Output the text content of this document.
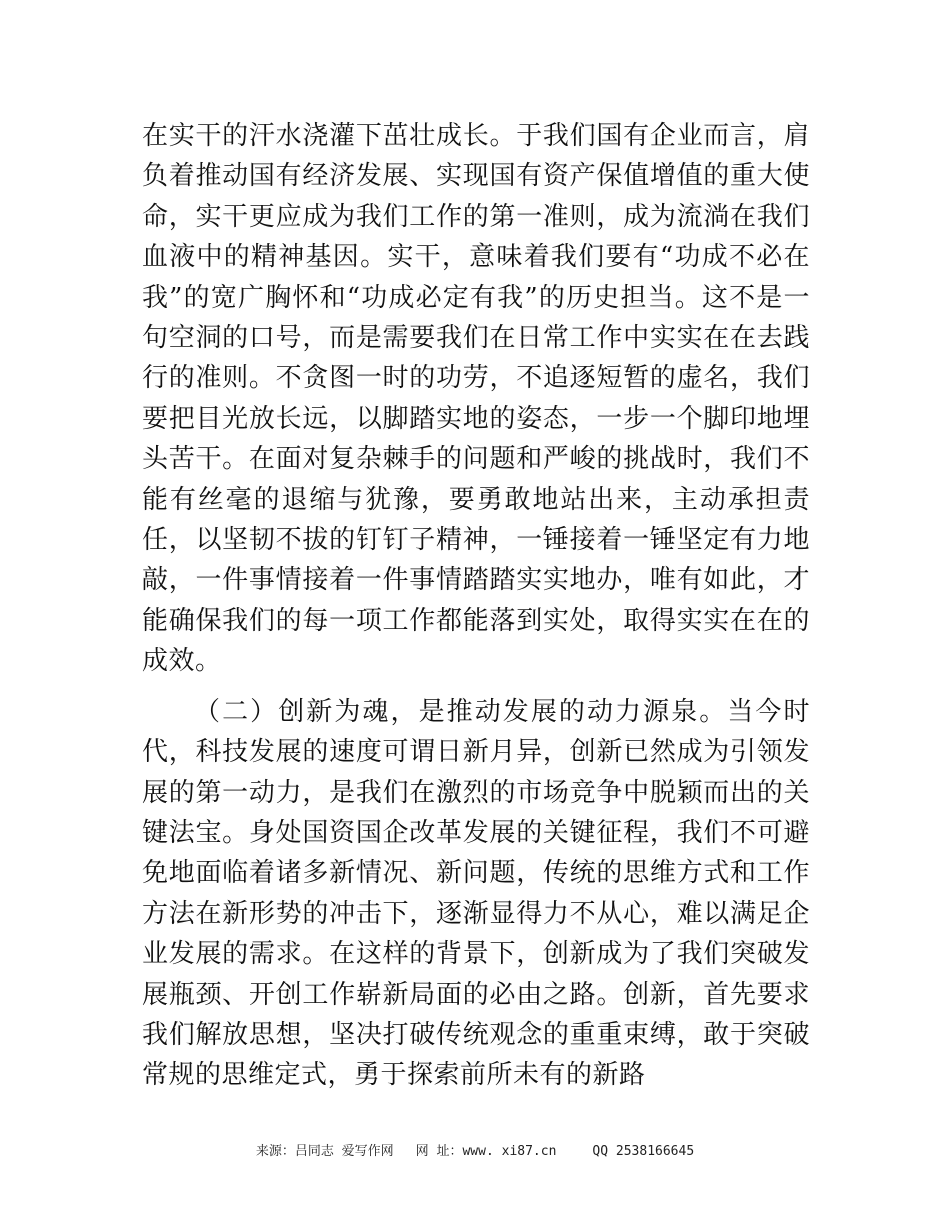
在实干的汗水浇灌下茁壮成长。于我们国有企业而言，肩负着推动国有经济发展、实现国有资产保值增值的重大使命，实干更应成为我们工作的第一准则，成为流淌在我们血液中的精神基因。实干，意味着我们要有“功成不必在我”的宽广胸怀和“功成必定有我”的历史担当。这不是一句空洞的口号，而是需要我们在日常工作中实实在在去践行的准则。不贪图一时的功劳，不追逐短暂的虚名，我们要把目光放长远，以脚踏实地的姿态，一步一个脚印地埋头苦干。在面对复杂棘手的问题和严峻的挑战时，我们不能有丝毫的退缩与犹豫，要勇敢地站出来，主动承担责任，以坚韧不拔的钉钉子精神，一锤接着一锤坚定有力地敲，一件事情接着一件事情踏踏实实地办，唯有如此，才能确保我们的每一项工作都能落到实处，取得实实在在的成效。

（二）创新为魂，是推动发展的动力源泉。当今时代，科技发展的速度可谓日新月异，创新已然成为引领发展的第一动力，是我们在激烈的市场竞争中脱颖而出的关键法宝。身处国资国企改革发展的关键征程，我们不可避免地面临着诸多新情况、新问题，传统的思维方式和工作方法在新形势的冲击下，逐渐显得力不从心，难以满足企业发展的需求。在这样的背景下，创新成为了我们突破发展瓶颈、开创工作崭新局面的必由之路。创新，首先要求我们解放思想，坚决打破传统观念的重重束缚，敢于突破常规的思维定式，勇于探索前所未有的新路

来源：吕同志 爱写作网 网 址：www. xi87.cn	QQ 2538166645
